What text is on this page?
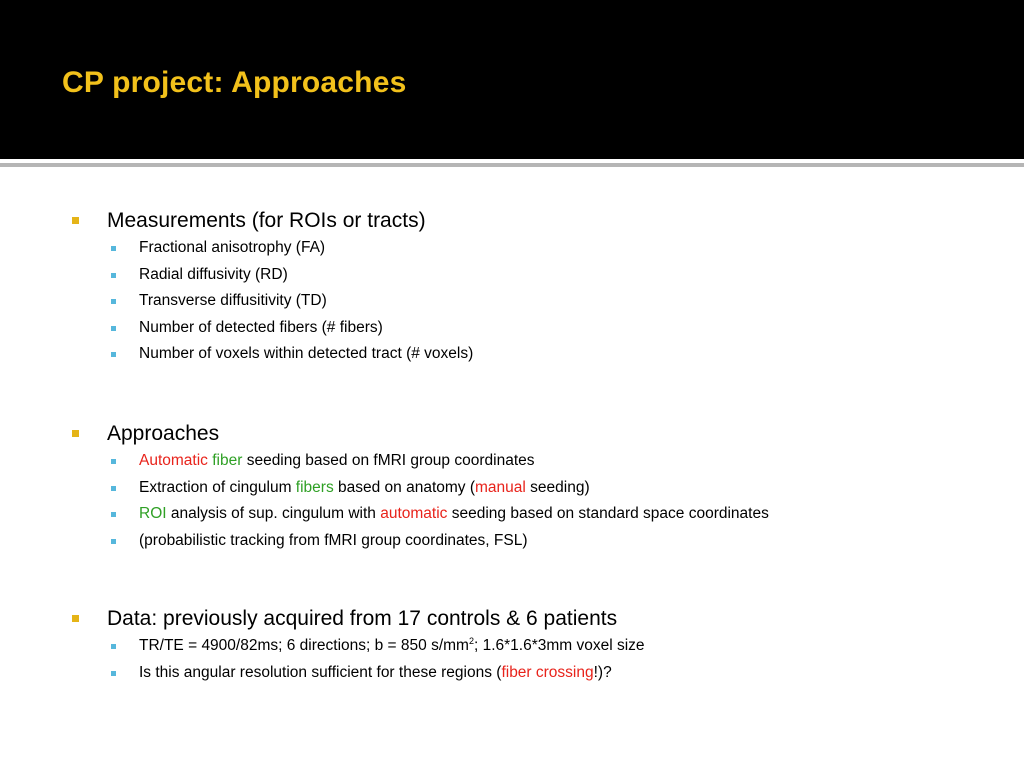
CP project: Approaches
Measurements (for ROIs or tracts)
Fractional anisotrophy (FA)
Radial diffusivity (RD)
Transverse diffusitivity (TD)
Number of detected fibers (# fibers)
Number of voxels within detected tract (# voxels)
Approaches
Automatic fiber seeding based on fMRI group coordinates
Extraction of cingulum fibers based on anatomy (manual seeding)
ROI analysis of sup. cingulum with automatic seeding based on standard space coordinates
(probabilistic tracking from fMRI group coordinates, FSL)
Data: previously acquired from 17 controls & 6 patients
TR/TE = 4900/82ms; 6 directions; b = 850 $s/mm^2$; 1.6*1.6*3mm voxel size
Is this angular resolution sufficient for these regions (fiber crossing!)?
